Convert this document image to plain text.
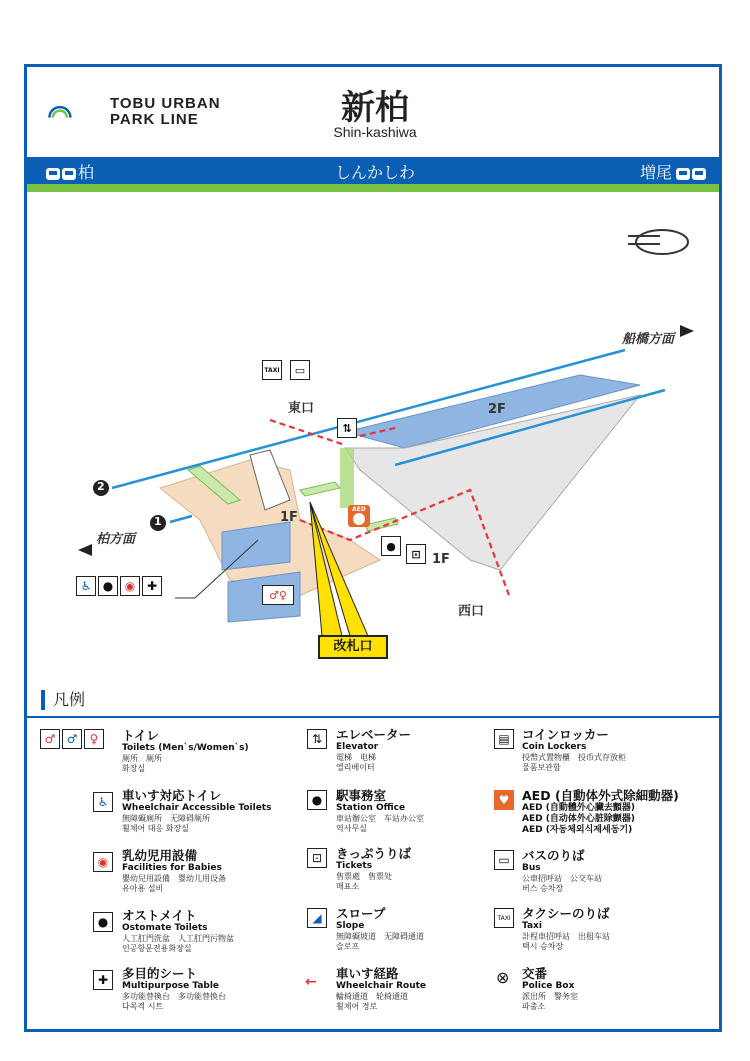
TOBU URBAN
PARK LINE	新柏
Shin-kashiwa
柏	しんかしわ	増尾
船橋方面
柏方面
東口
西口
2F
1F
1F
2
1
AED
TAXI	▭
⇅
●
⊡
♂♀
♿ ● ◉ ✚
改札口
凡例
♂ ♂	♀	トイレ
Toilets (Men`s/Women`s)
厕所　厕所
화장실
♿	車いす対応トイレ
Wheelchair Accessible Toilets
無障礙廁所　无障碍厕所
휠체어 대응 화장실
◉	乳幼児用設備
Facilities for Babies
嬰幼兒用設備　婴幼儿用设备
유아용 설비
●	オストメイト
Ostomate Toilets
人工肛門洗盆　人工肛門污物盆
인공항문전용화장실
✚	多目的シート
Multipurpose Table
多功能替換台　多功能替换台
다목적 시트
⇅	エレベーター
Elevator
電梯　电梯
엘리베이터
●	駅事務室
Station Office
車站辦公室　车站办公室
역사무실
⊡	きっぷうりば
Tickets
售票處　售票处
매표소
◢	スロープ
Slope
無障礙坡道　无障碍通道
슬로프
←
車いす経路
Wheelchair Route
輪椅通道　轮椅通道
휠체어 경로
▤ コインロッカー
Coin Lockers
投幣式置物櫃　投币式存放柜
물품보관함
♥	AED (自動体外式除細動器)
AED (自動體外心臟去顫器)
AED (自动体外心脏除颤器)
AED (자동체외식제세동기)
▭ バスのりば
Bus
公車招呼站　公交车站
버스 승차장
TAXI タクシーのりば
Taxi
計程車招呼站　出租车站
택시 승차장
⊗ 交番
Police Box
派出所　警务室
파출소
